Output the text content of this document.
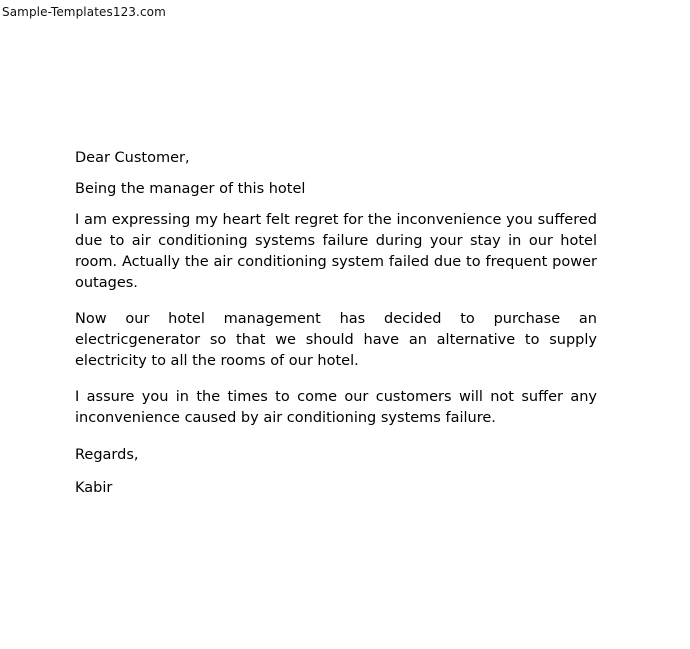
Sample-Templates123.com

Dear Customer,

Being the manager of this hotel

I am expressing my heart felt regret for the inconvenience you suffered due to air conditioning systems failure during your stay in our hotel room. Actually the air conditioning system failed due to frequent power outages.

Now our hotel management has decided to purchase an electricgenerator so that we should have an alternative to supply electricity to all the rooms of our hotel.

I assure you in the times to come our customers will not suffer any inconvenience caused by air conditioning systems failure.

Regards,

Kabir
